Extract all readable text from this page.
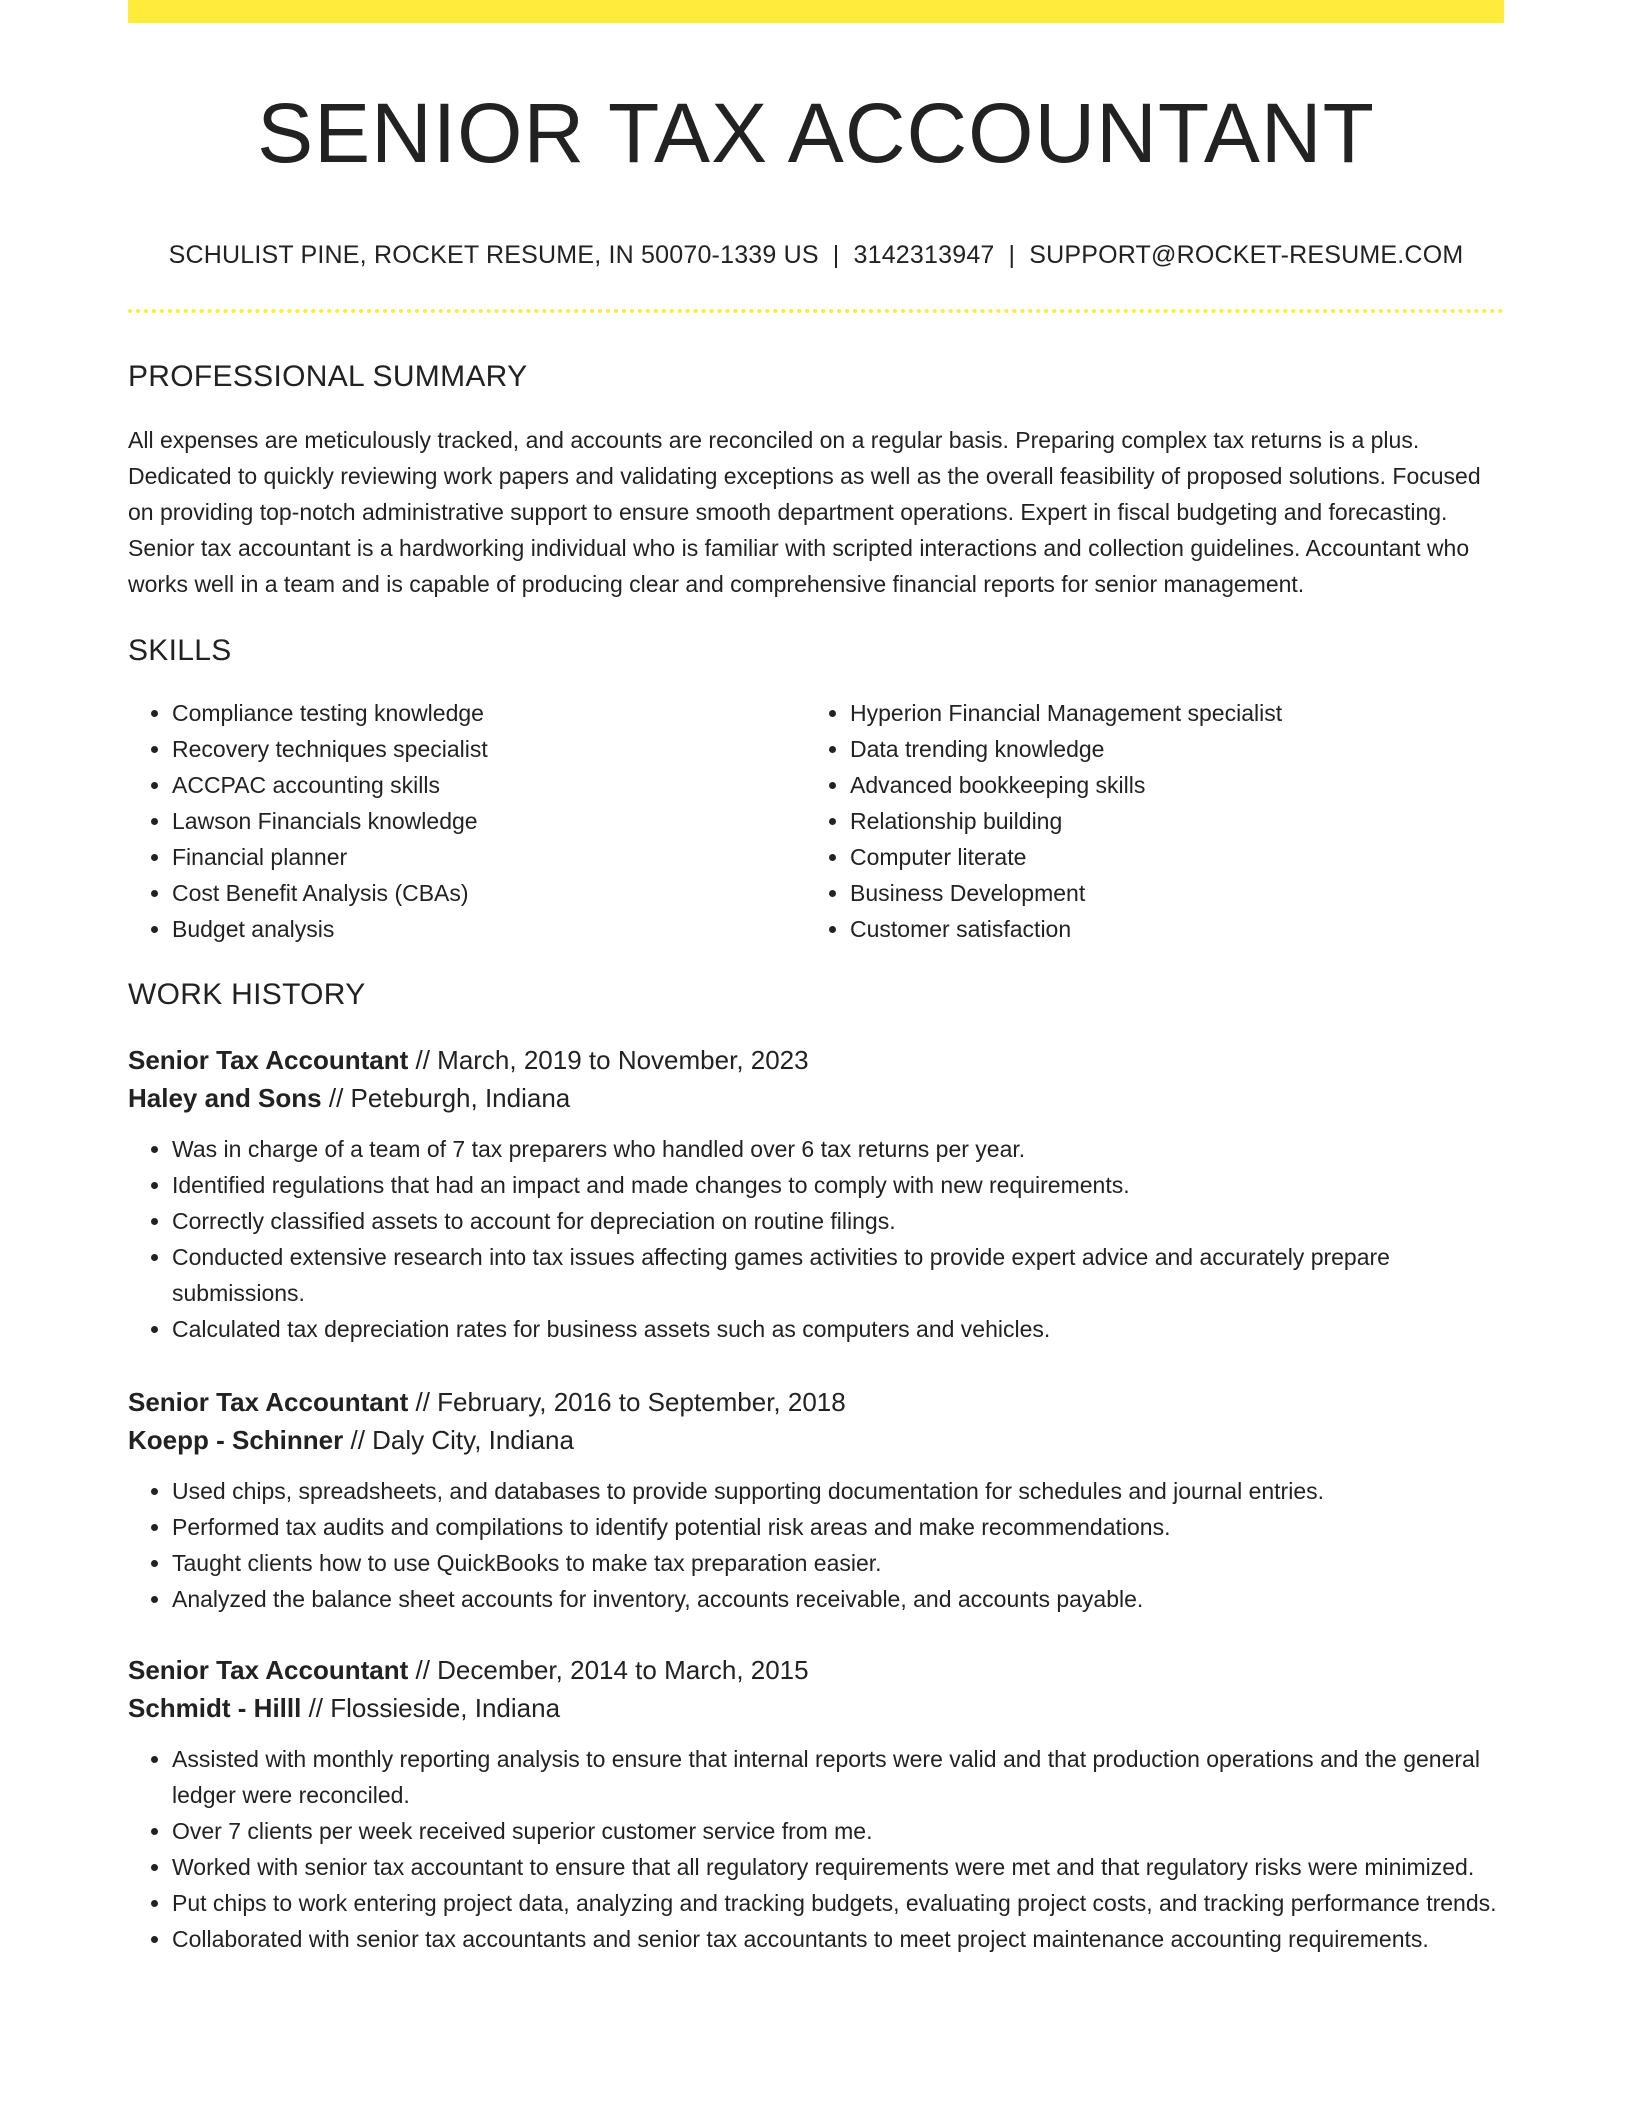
SENIOR TAX ACCOUNTANT
SCHULIST PINE, ROCKET RESUME, IN 50070-1339 US | 3142313947 | SUPPORT@ROCKET-RESUME.COM
PROFESSIONAL SUMMARY

All expenses are meticulously tracked, and accounts are reconciled on a regular basis. Preparing complex tax returns is a plus. Dedicated to quickly reviewing work papers and validating exceptions as well as the overall feasibility of proposed solutions. Focused on providing top-notch administrative support to ensure smooth department operations. Expert in fiscal budgeting and forecasting. Senior tax accountant is a hardworking individual who is familiar with scripted interactions and collection guidelines. Accountant who works well in a team and is capable of producing clear and comprehensive financial reports for senior management.

SKILLS
• Compliance testing knowledge
• Recovery techniques specialist
• ACCPAC accounting skills
• Lawson Financials knowledge
• Financial planner
• Cost Benefit Analysis (CBAs)
• Budget analysis
• Hyperion Financial Management specialist
• Data trending knowledge
• Advanced bookkeeping skills
• Relationship building
• Computer literate
• Business Development
• Customer satisfaction
WORK HISTORY
Senior Tax Accountant // March, 2019 to November, 2023
Haley and Sons // Peteburgh, Indiana
• Was in charge of a team of 7 tax preparers who handled over 6 tax returns per year.
• Identified regulations that had an impact and made changes to comply with new requirements.
• Correctly classified assets to account for depreciation on routine filings.
• Conducted extensive research into tax issues affecting games activities to provide expert advice and accurately prepare submissions.
• Calculated tax depreciation rates for business assets such as computers and vehicles.
Senior Tax Accountant // February, 2016 to September, 2018
Koepp - Schinner // Daly City, Indiana
• Used chips, spreadsheets, and databases to provide supporting documentation for schedules and journal entries.
• Performed tax audits and compilations to identify potential risk areas and make recommendations.
• Taught clients how to use QuickBooks to make tax preparation easier.
• Analyzed the balance sheet accounts for inventory, accounts receivable, and accounts payable.
Senior Tax Accountant // December, 2014 to March, 2015
Schmidt - Hilll // Flossieside, Indiana
• Assisted with monthly reporting analysis to ensure that internal reports were valid and that production operations and the general ledger were reconciled.
• Over 7 clients per week received superior customer service from me.
• Worked with senior tax accountant to ensure that all regulatory requirements were met and that regulatory risks were minimized.
• Put chips to work entering project data, analyzing and tracking budgets, evaluating project costs, and tracking performance trends.
• Collaborated with senior tax accountants and senior tax accountants to meet project maintenance accounting requirements.
